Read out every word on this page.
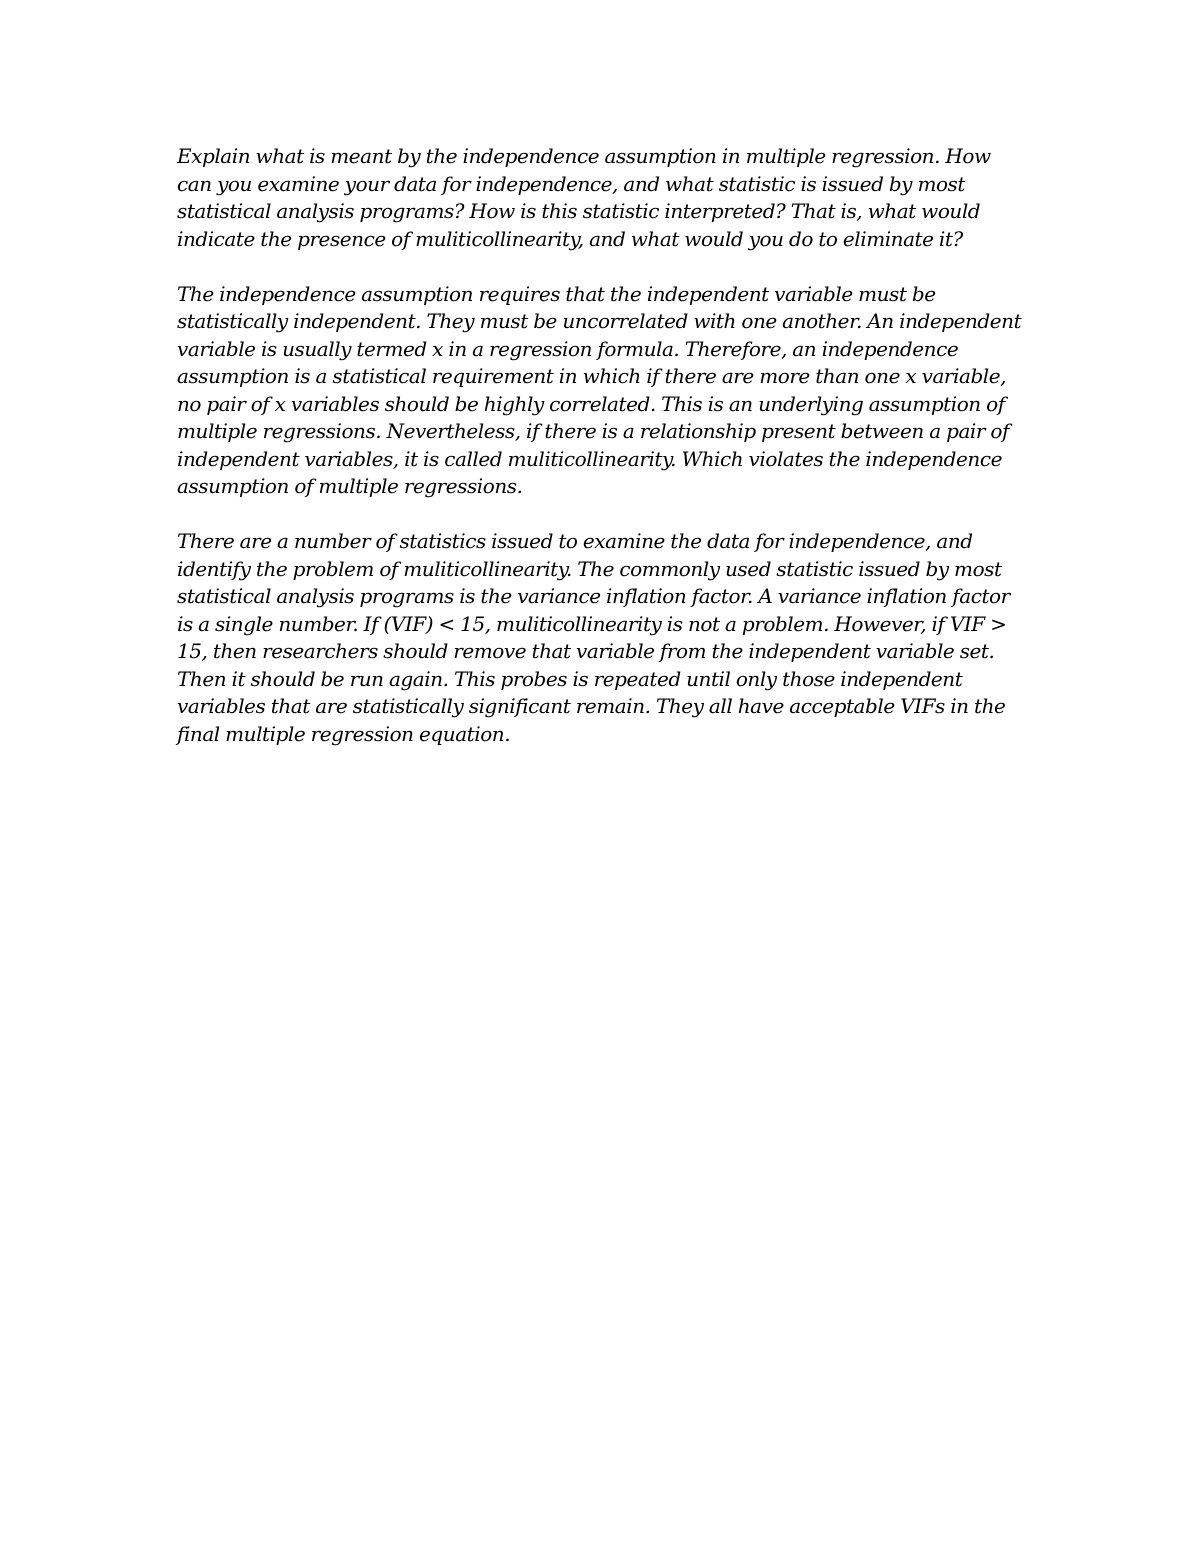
Explain what is meant by the independence assumption in multiple regression. How
can you examine your data for independence, and what statistic is issued by most
statistical analysis programs? How is this statistic interpreted? That is, what would
indicate the presence of muliticollinearity, and what would you do to eliminate it?
The independence assumption requires that the independent variable must be
statistically independent. They must be uncorrelated with one another. An independent
variable is usually termed x in a regression formula. Therefore, an independence
assumption is a statistical requirement in which if there are more than one x variable,
no pair of x variables should be highly correlated. This is an underlying assumption of
multiple regressions. Nevertheless, if there is a relationship present between a pair of
independent variables, it is called muliticollinearity. Which violates the independence
assumption of multiple regressions.
There are a number of statistics issued to examine the data for independence, and
identify the problem of muliticollinearity. The commonly used statistic issued by most
statistical analysis programs is the variance inflation factor. A variance inflation factor
is a single number. If (VIF) < 15, muliticollinearity is not a problem. However, if VIF >
15, then researchers should remove that variable from the independent variable set.
Then it should be run again. This probes is repeated until only those independent
variables that are statistically significant remain. They all have acceptable VIFs in the
final multiple regression equation.
